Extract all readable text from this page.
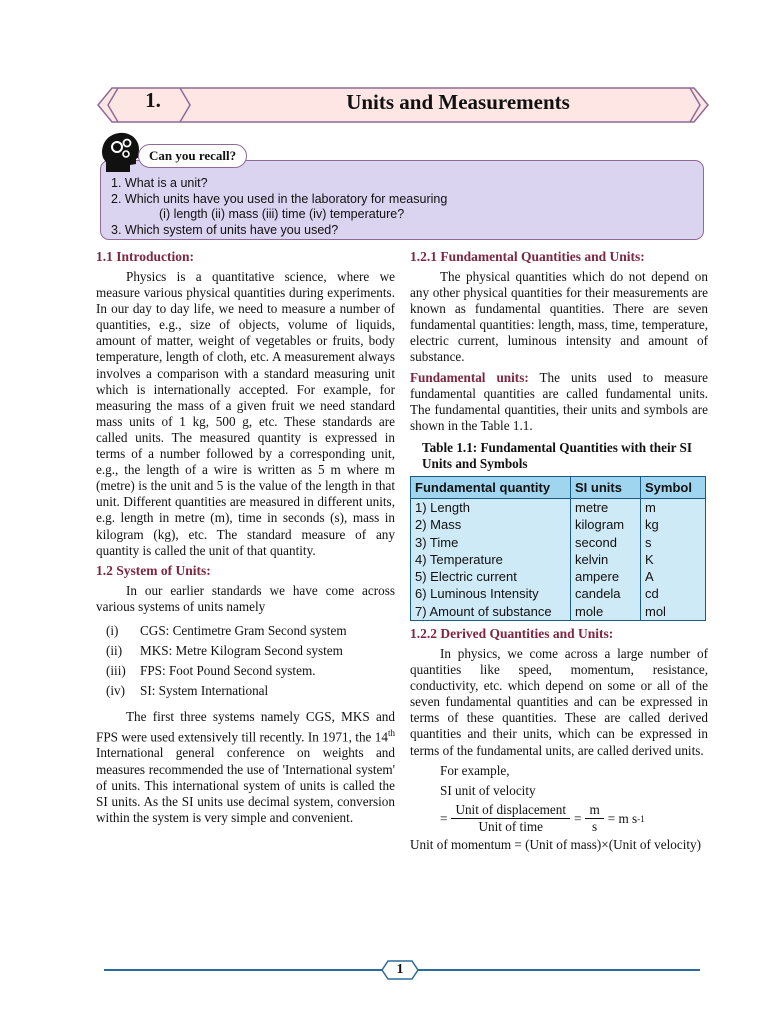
1.	Units and Measurements
Can you recall?
1. What is a unit?
2. Which units have you used in the laboratory for measuring
(i) length (ii) mass (iii) time (iv) temperature?
3. Which system of units have you used?
1.1 Introduction:

Physics is a quantitative science, where we measure various physical quantities during experiments. In our day to day life, we need to measure a number of quantities, e.g., size of objects, volume of liquids, amount of matter, weight of vegetables or fruits, body temperature, length of cloth, etc. A measurement always involves a comparison with a standard measuring unit which is internationally accepted. For example, for measuring the mass of a given fruit we need standard mass units of 1 kg, 500 g, etc. These standards are called units. The measured quantity is expressed in terms of a number followed by a corresponding unit, e.g., the length of a wire is written as 5 m where m (metre) is the unit and 5 is the value of the length in that unit. Different quantities are measured in different units, e.g. length in metre (m), time in seconds (s), mass in kilogram (kg), etc. The standard measure of any quantity is called the unit of that quantity.

1.2 System of Units:

In our earlier standards we have come across various systems of units namely

(i)	CGS: Centimetre Gram Second system
(ii)	MKS: Metre Kilogram Second system
(iii)	FPS: Foot Pound Second system.
(iv)	SI: System International

The first three systems namely CGS, MKS and FPS were used extensively till recently. In 1971, the 14th International general conference on weights and measures recommended the use of 'International system' of units. This international system of units is called the SI units. As the SI units use decimal system, conversion within the system is very simple and convenient.

1.2.1 Fundamental Quantities and Units:

The physical quantities which do not depend on any other physical quantities for their measurements are known as fundamental quantities. There are seven fundamental quantities: length, mass, time, temperature, electric current, luminous intensity and amount of substance.

Fundamental units: The units used to measure fundamental quantities are called fundamental units. The fundamental quantities, their units and symbols are shown in the Table 1.1.

Table 1.1: Fundamental Quantities with their SI Units and Symbols
Fundamental quantity	SI units	Symbol
1) Length	metre	m
2) Mass	kilogram	kg
3) Time	second	s
4) Temperature	kelvin	K
5) Electric current	ampere	A
6) Luminous Intensity	candela	cd
7) Amount of substance	mole	mol
1.2.2 Derived Quantities and Units:

In physics, we come across a large number of quantities like speed, momentum, resistance, conductivity, etc. which depend on some or all of the seven fundamental quantities and can be expressed in terms of these quantities. These are called derived quantities and their units, which can be expressed in terms of the fundamental units, are called derived units.

For example,
SI unit of velocity
= $\frac{\text{Unit of displacement}}{\text{Unit of time}} = \frac{m}{s} = m$ s -1

Unit of momentum = (Unit of mass)×(Unit of velocity)

1
